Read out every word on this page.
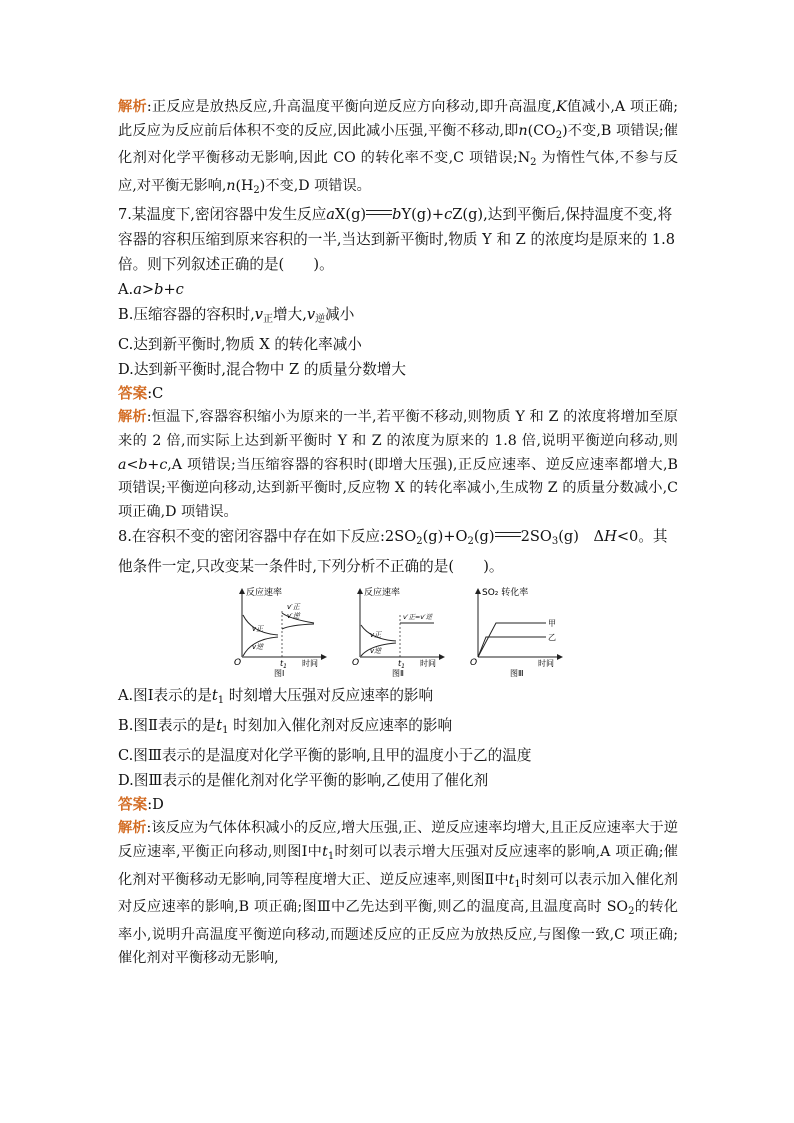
解析:正反应是放热反应,升高温度平衡向逆反应方向移动,即升高温度,K值减小,A 项正确;此反应为反应前后体积不变的反应,因此减小压强,平衡不移动,即$n(CO_2)$不变,B 项错误;催化剂对化学平衡移动无影响,因此 CO 的转化率不变,C 项错误$;N_2$ 为惰性气体,不参与反应,对平衡无影响$,n(H_2)$不变,D 项错误。

7.某温度下,密闭容器中发生反应aX(g) bY(g)+cZ(g),达到平衡后,保持温度不变,将容器的容积压缩到原来容积的一半,当达到新平衡时,物质 Y 和 Z 的浓度均是原来的 1.8 倍。则下列叙述正确的是(　　)。

A.a>b+c

B.压缩容器的容积时$,v_正$增大$,v_逆$减小

C.达到新平衡时,物质 X 的转化率减小

D.达到新平衡时,混合物中 Z 的质量分数增大

答案:C

解析:恒温下,容器容积缩小为原来的一半,若平衡不移动,则物质 Y 和 Z 的浓度将增加至原来的 2 倍,而实际上达到新平衡时 Y 和 Z 的浓度为原来的 1.8 倍,说明平衡逆向移动,则a<b+c,A 项错误;当压缩容器的容积时(即增大压强),正反应速率、逆反应速率都增大,B 项错误;平衡逆向移动,达到新平衡时,反应物 X 的转化率减小,生成物 Z 的质量分数减小,C 项正确,D 项错误。

8.在容积不变的密闭容器中存在如下反应$:2SO_2(g)+O_2(g)$ $2SO_3(g)$　ΔH<0。其他条件一定,只改变某一条件时,下列分析不正确的是(　　)。

反应速率
O	$t_1$ 时间
图Ⅰ
v正
v逆
v′正
v′逆
反应速率
O	$t_1$ 时间
图Ⅱ
v正
v逆
v′正=v′逆
SO₂ 转化率
O	时间
图Ⅲ
甲
乙

A.图Ⅰ表示的是$t_1$ 时刻增大压强对反应速率的影响

B.图Ⅱ表示的是$t_1$ 时刻加入催化剂对反应速率的影响

C.图Ⅲ表示的是温度对化学平衡的影响,且甲的温度小于乙的温度

D.图Ⅲ表示的是催化剂对化学平衡的影响,乙使用了催化剂

答案:D

解析:该反应为气体体积减小的反应,增大压强,正、逆反应速率均增大,且正反应速率大于逆反应速率,平衡正向移动,则图Ⅰ中$t_1$时刻可以表示增大压强对反应速率的影响,A 项正确;催化剂对平衡移动无影响,同等程度增大正、逆反应速率,则图Ⅱ中$t_1$时刻可以表示加入催化剂对反应速率的影响,B 项正确;图Ⅲ中乙先达到平衡,则乙的温度高,且温度高时 $SO_2$的转化率小,说明升高温度平衡逆向移动,而题述反应的正反应为放热反应,与图像一致,C 项正确;催化剂对平衡移动无影响,
